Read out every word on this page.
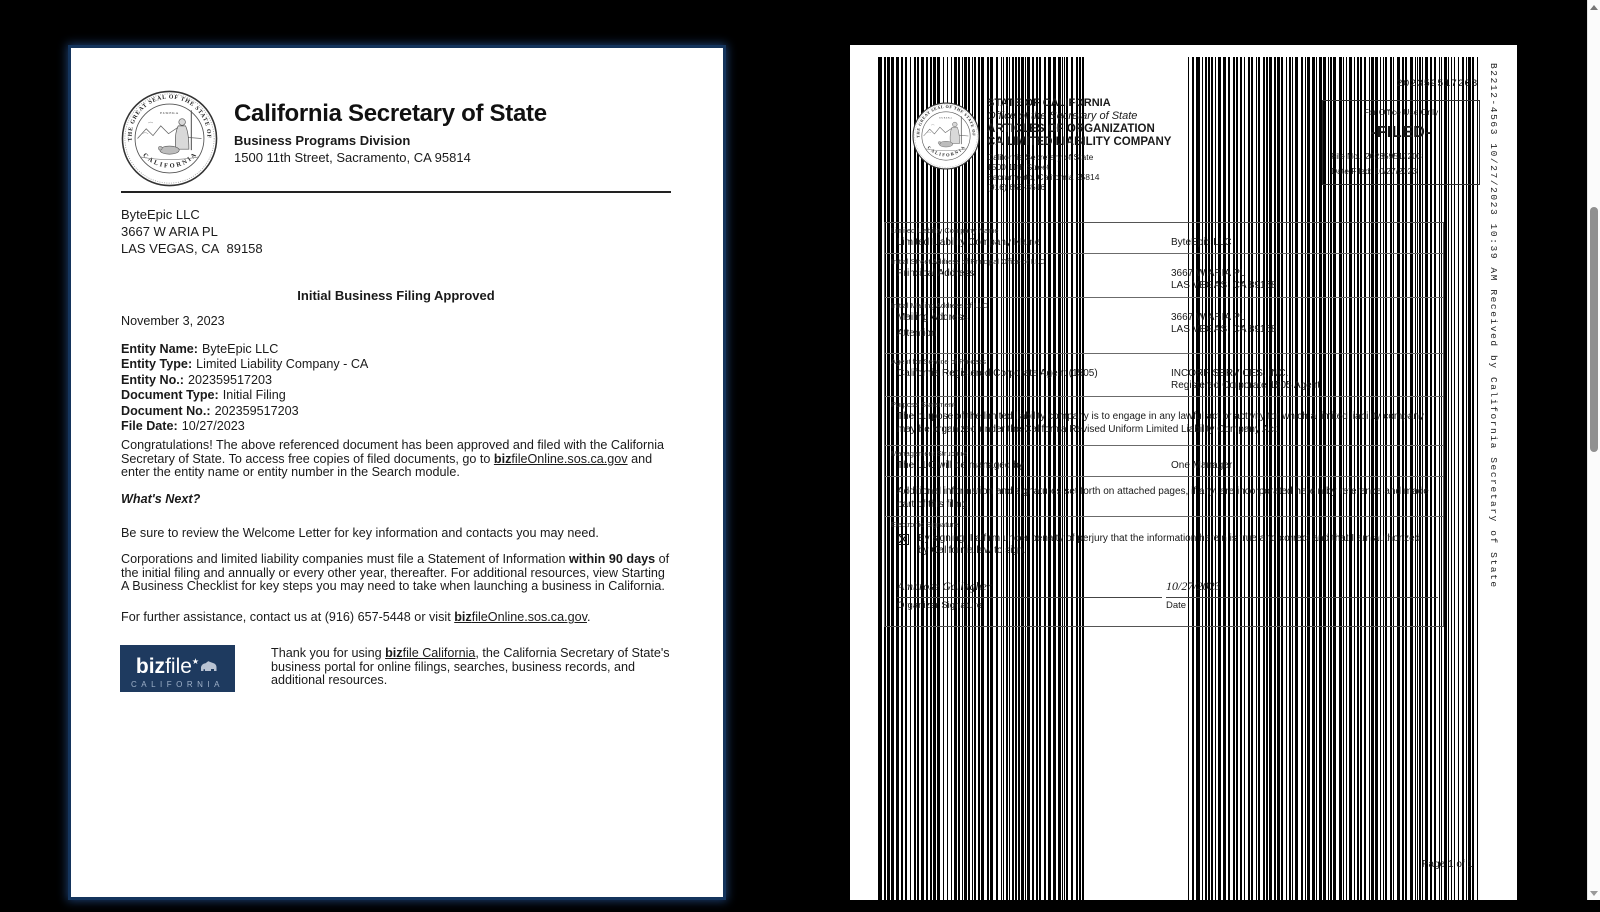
California Secretary of State
Business Programs Division
1500 11th Street, Sacramento, CA 95814
ByteEpic LLC
3667 W ARIA PL
LAS VEGAS, CA  89158
Initial Business Filing Approved
November 3, 2023
Entity Name: ByteEpic LLC
Entity Type: Limited Liability Company - CA
Entity No.: 202359517203
Document Type: Initial Filing
Document No.: 202359517203
File Date: 10/27/2023

Congratulations! The above referenced document has been approved and filed with the California Secretary of State. To access free copies of filed documents, go to bizfileOnline.sos.ca.gov and enter the entity name or entity number in the Search module.

What's Next?

Be sure to review the Welcome Letter for key information and contacts you may need.

Corporations and limited liability companies must file a Statement of Information within 90 days of the initial filing and annually or every other year, thereafter. For additional resources, view Starting A Business Checklist for key steps you may need to take when launching a business in California.

For further assistance, contact us at (916) 657-5448 or visit bizfileOnline.sos.ca.gov.

bizfile★
CALIFORNIA

Thank you for using bizfile California, the California Secretary of State's business portal for online filings, searches, business records, and additional resources.

202359517203
STATE OF CALIFORNIA
Office of the Secretary of State
ARTICLES OF ORGANIZATION
CA LIMITED LIABILITY COMPANY
California Secretary of State
1500 11th Street
Sacramento, California 95814
(916) 653-3516
For Office Use Only
-FILED-
File No.: 202359517203
Date Filed: 10/27/2023
Limited Liability Company Name
Limited Liability Company Name	ByteEpic LLC
Initial Street Address of Principal Office of LLC
Principal Address	3667 W ARIA PL
LAS VEGAS, CA 89158
Initial Mailing Address of LLC
Mailing Address	3667 W ARIA PL
LAS VEGAS, CA 89158
Attention
Agent for Service of Process
California Registered Corporate Agent (1505)	INCORP SERVICES, INC.
Registered Corporate 1505 Agent
Purpose Statement
The purpose of the limited liability company is to engage in any lawful act or activity for which a limited liability company may be organized under the California Revised Uniform Limited Liability Company Act.
Management Structure
The LLC will be managed by	One Manager
Additional information and signatures set forth on attached pages, if any, are incorporated herein by reference and made part of this filing.
Electronic Signature
By signing, I affirm under penalty of perjury that the information herein is true and correct and that I am authorized by California law to sign.
Ambrose Gallagher
Organizer Signature
10/27/2023
Date
B2212-4563 10/27/2023 10:39 AM Received by California Secretary of State
Page 1 of 1
